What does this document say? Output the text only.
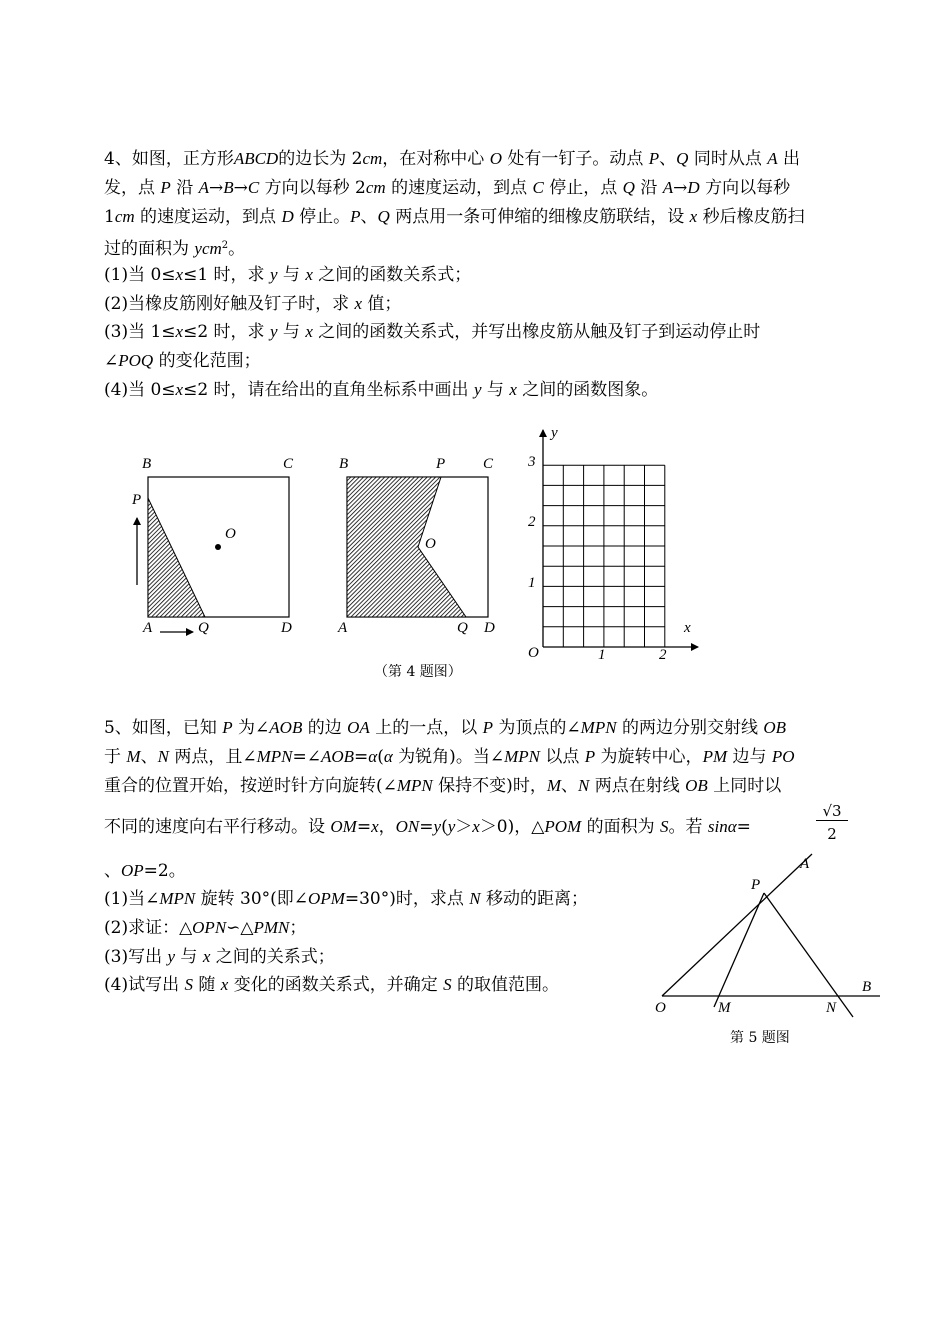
4、如图，正方形ABCD的边长为 2cm，在对称中心 O 处有一钉子。动点 P、Q 同时从点 A 出
发，点 P 沿 A→B→C 方向以每秒 2cm 的速度运动，到点 C 停止，点 Q 沿 A→D 方向以每秒
1cm 的速度运动，到点 D 停止。P、Q 两点用一条可伸缩的细橡皮筋联结，设 x 秒后橡皮筋扫
过的面积为 ycm$^2$。
(1)当 0≤x≤1 时，求 y 与 x 之间的函数关系式；
(2)当橡皮筋刚好触及钉子时，求 x 值；
(3)当 1≤x≤2 时，求 y 与 x 之间的函数关系式，并写出橡皮筋从触及钉子到运动停止时
∠POQ 的变化范围；
(4)当 0≤x≤2 时，请在给出的直角坐标系中画出 y 与 x 之间的函数图象。
B	C
P
O
A	Q	D
B	P	C
O
A	Q D
y
x
O
1
2
3
1	2
（第 4 题图）
5、如图，已知 P 为∠AOB 的边 OA 上的一点，以 P 为顶点的∠MPN 的两边分别交射线 OB
于 M、N 两点，且∠MPN=∠AOB=α(α 为锐角)。当∠MPN 以点 P 为旋转中心，PM 边与 PO
重合的位置开始，按逆时针方向旋转(∠MPN 保持不变)时，M、N 两点在射线 OB 上同时以
不同的速度向右平行移动。设 OM=x，ON=y(y＞x＞0)，△POM 的面积为 S。若 sinα=	$\frac{√3}{2}$
、OP=2。
(1)当∠MPN 旋转 30°(即∠OPM=30°)时，求点 N 移动的距离；
(2)求证：△OPN∽△PMN；
(3)写出 y 与 x 之间的关系式；
(4)试写出 S 随 x 变化的函数关系式，并确定 S 的取值范围。
A
P
B
O	M	N
第 5 题图
